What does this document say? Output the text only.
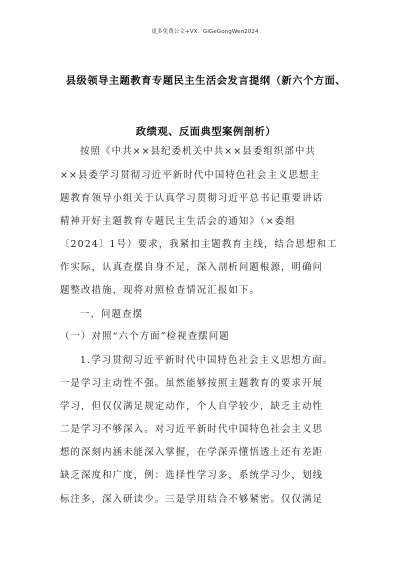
更多免费公文+VX：GiGeGongWen2024
县级领导主题教育专题民主生活会发言提纲（新六个方面、
政绩观、反面典型案例剖析）
按照《中共××县纪委机关中共××县委组织部中共
××县委学习贯彻习近平新时代中国特色社会主义思想主
题教育领导小组关于认真学习贯彻习近平总书记重要讲话
精神开好主题教育专题民主生活会的通知》（×委组
〔2024〕1号）要求，我紧扣主题教育主线，结合思想和工
作实际，认真查摆自身不足，深入剖析问题根源，明确问
题整改措施，现将对照检查情况汇报如下。
一、问题查摆
（一）对照“六个方面”检视查摆问题
1.学习贯彻习近平新时代中国特色社会主义思想方面。
一是学习主动性不强。虽然能够按照主题教育的要求开展
学习，但仅仅满足规定动作，个人自学较少，缺乏主动性
二是学习不够深入。对习近平新时代中国特色社会主义思
想的深刻内涵未能深入掌握，在学深弄懂悟透上还有差距
缺乏深度和广度，例：选择性学习多，系统学习少，划线
标注多，深入研读少。三是学用结合不够紧密。仅仅满足
